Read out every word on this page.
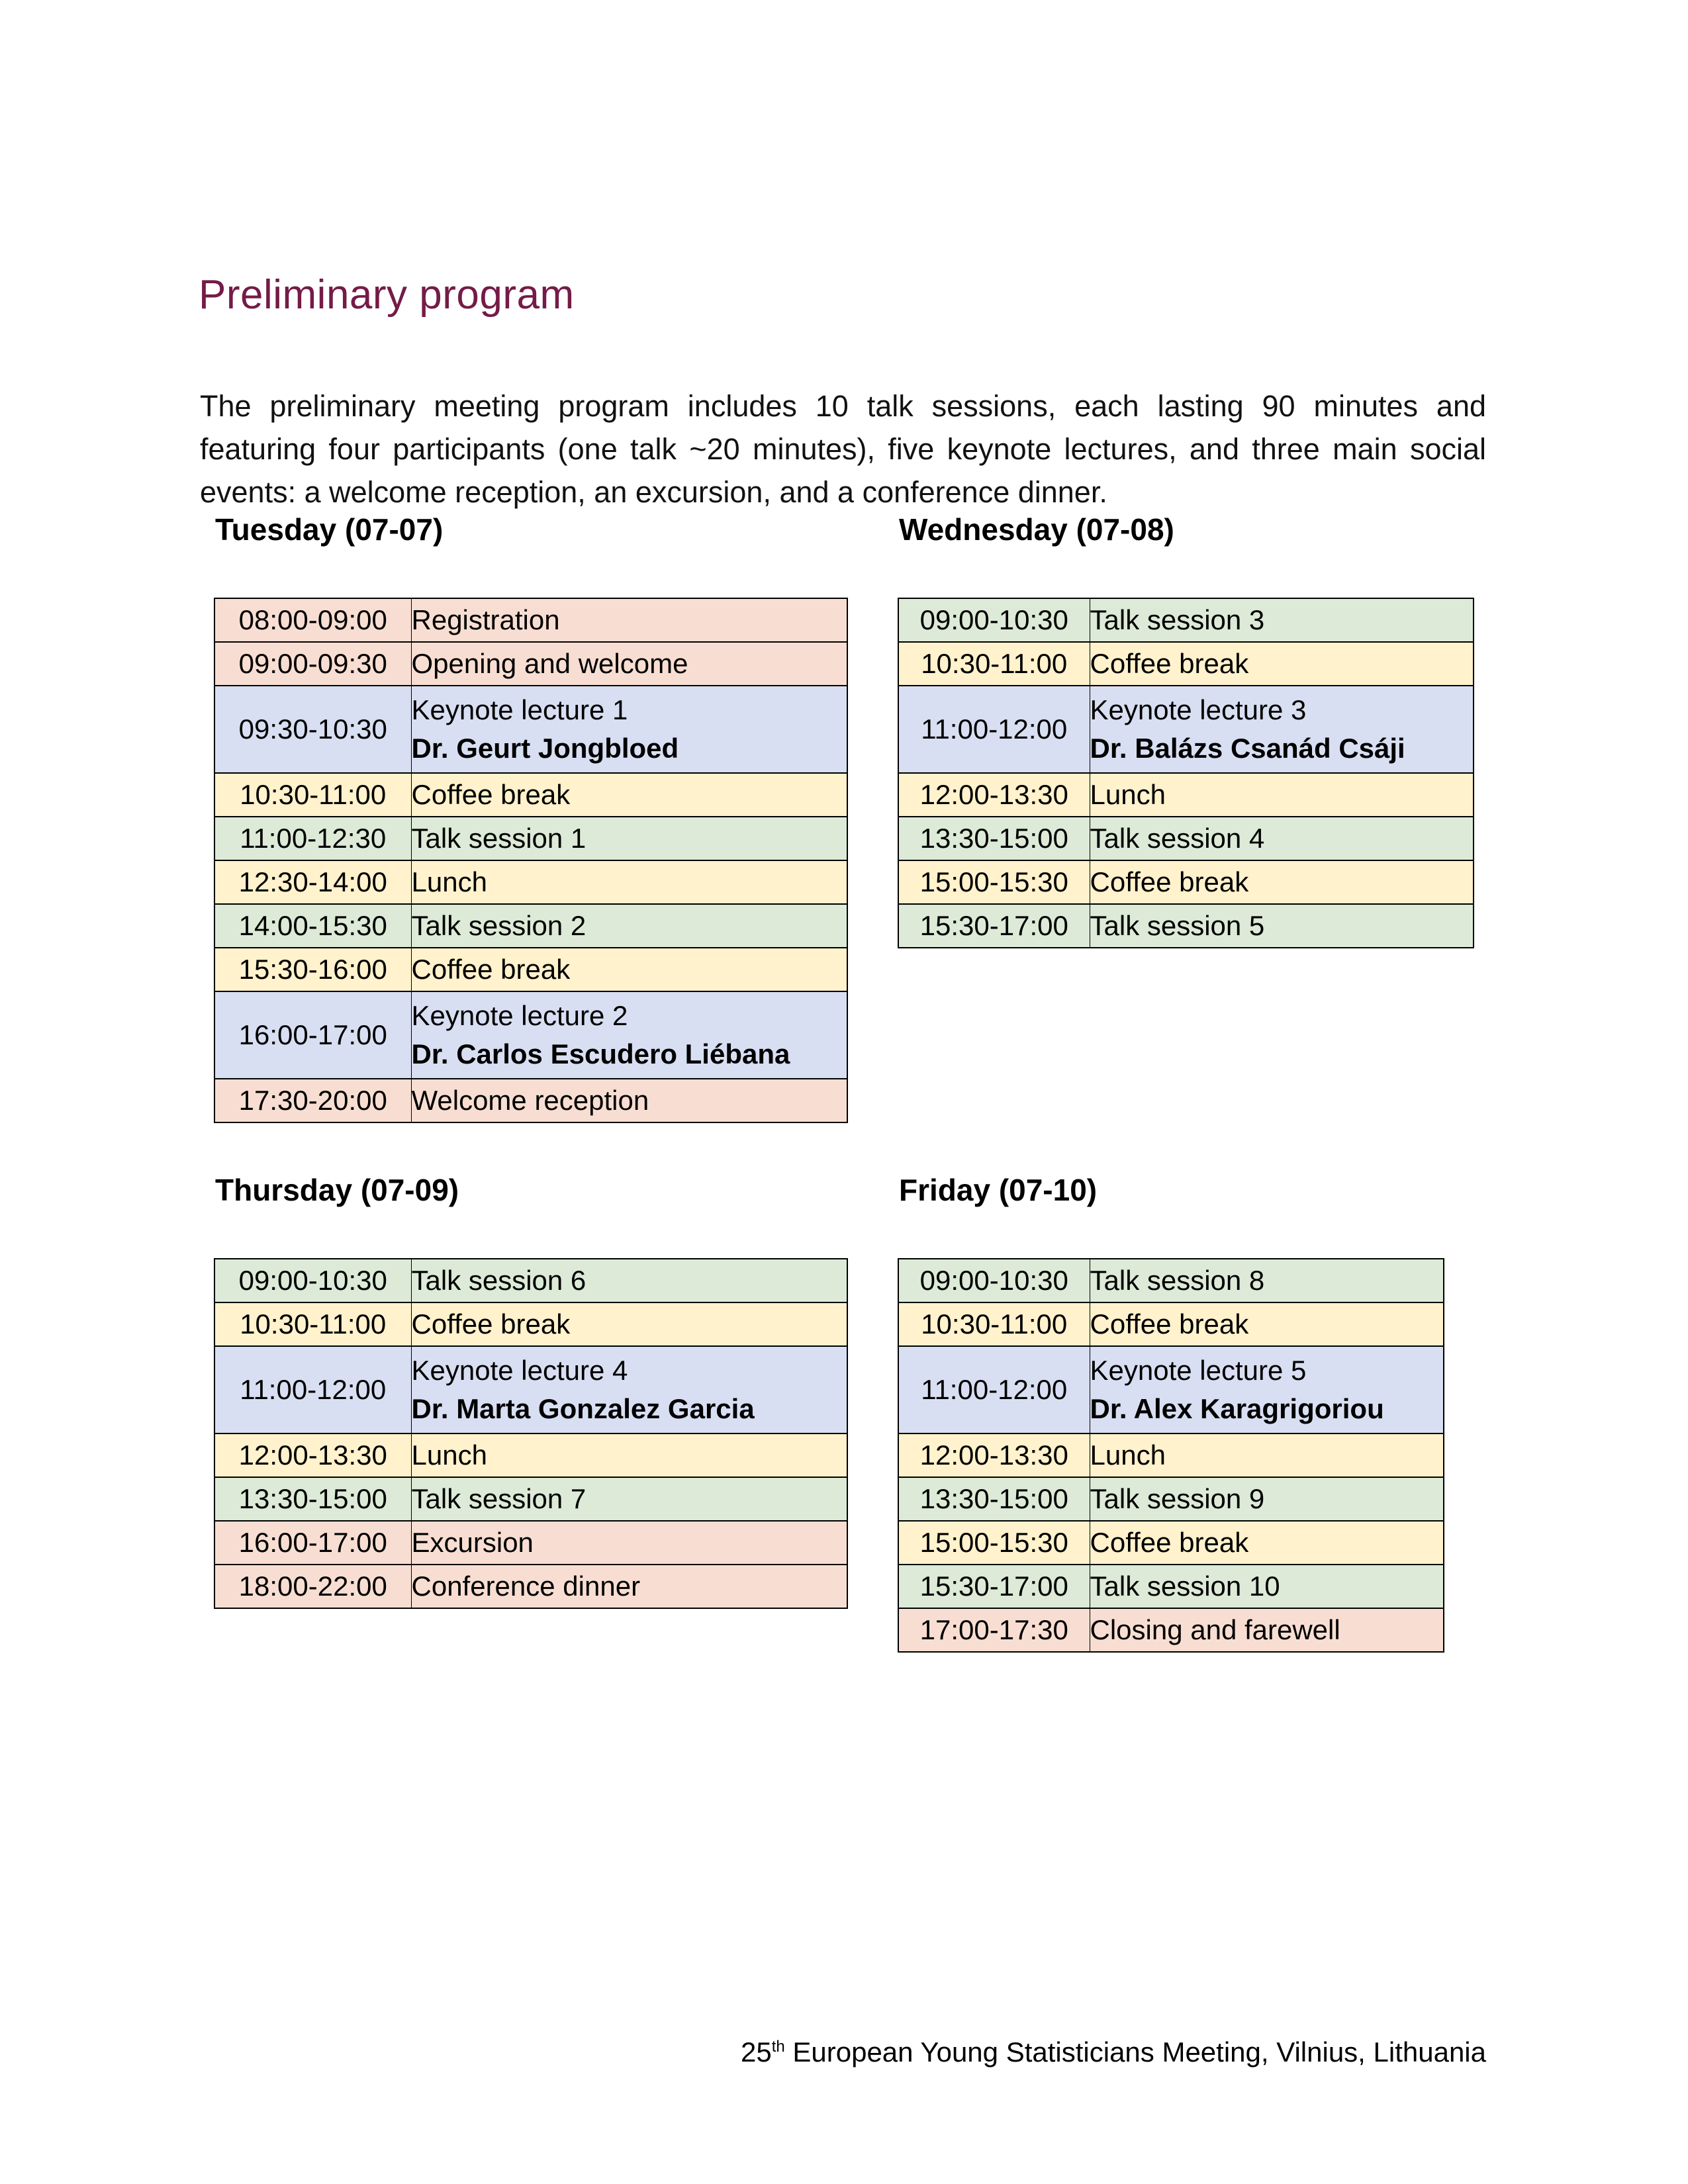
Preliminary program

The preliminary meeting program includes 10 talk sessions, each lasting 90 minutes and featuring four participants (one talk ~20 minutes), five keynote lectures, and three main social events: a welcome reception, an excursion, and a conference dinner.

Tuesday (07-07)
08:00-09:00	Registration

09:00-09:30	Opening and welcome

09:30-10:30	Keynote lecture 1
Dr. Geurt Jongbloed

10:30-11:00	Coffee break

11:00-12:30	Talk session 1

12:30-14:00	Lunch

14:00-15:30	Talk session 2

15:30-16:00	Coffee break

16:00-17:00	Keynote lecture 2
Dr. Carlos Escudero Liébana

17:30-20:00	Welcome reception
Wednesday (07-08)
09:00-10:30	Talk session 3

10:30-11:00	Coffee break

11:00-12:00	Keynote lecture 3
Dr. Balázs Csanád Csáji

12:00-13:30	Lunch

13:30-15:00	Talk session 4

15:00-15:30	Coffee break

15:30-17:00	Talk session 5
Thursday (07-09)
09:00-10:30	Talk session 6

10:30-11:00	Coffee break

11:00-12:00	Keynote lecture 4
Dr. Marta Gonzalez Garcia

12:00-13:30	Lunch

13:30-15:00	Talk session 7

16:00-17:00	Excursion

18:00-22:00	Conference dinner
Friday (07-10)
09:00-10:30	Talk session 8

10:30-11:00	Coffee break

11:00-12:00	Keynote lecture 5
Dr. Alex Karagrigoriou

12:00-13:30	Lunch

13:30-15:00	Talk session 9

15:00-15:30	Coffee break

15:30-17:00	Talk session 10

17:00-17:30	Closing and farewell
25th European Young Statisticians Meeting, Vilnius, Lithuania
